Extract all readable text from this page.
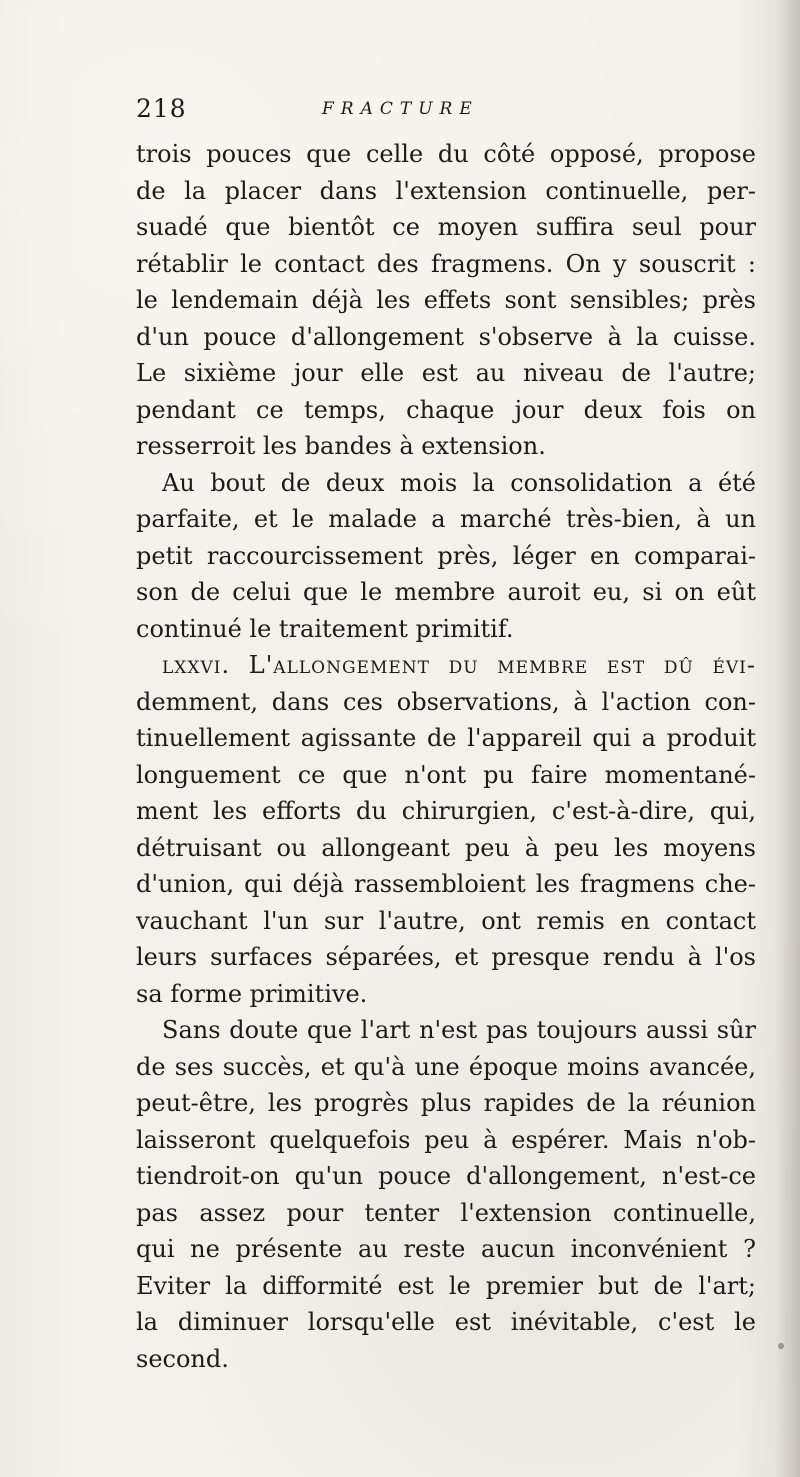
218	FRACTURE
trois pouces que celle du côté opposé, propose
de la placer dans l'extension continuelle, per-
suadé que bientôt ce moyen suffira seul pour
rétablir le contact des fragmens. On y souscrit :
le lendemain déjà les effets sont sensibles; près
d'un pouce d'allongement s'observe à la cuisse.
Le sixième jour elle est au niveau de l'autre;
pendant ce temps, chaque jour deux fois on
resserroit les bandes à extension.
Au bout de deux mois la consolidation a été
parfaite, et le malade a marché très-bien, à un
petit raccourcissement près, léger en comparai-
son de celui que le membre auroit eu, si on eût
continué le traitement primitif.
lxxvi. L'allongement du membre est dû évi-
demment, dans ces observations, à l'action con-
tinuellement agissante de l'appareil qui a produit
longuement ce que n'ont pu faire momentané-
ment les efforts du chirurgien, c'est-à-dire, qui,
détruisant ou allongeant peu à peu les moyens
d'union, qui déjà rassembloient les fragmens che-
vauchant l'un sur l'autre, ont remis en contact
leurs surfaces séparées, et presque rendu à l'os
sa forme primitive.
Sans doute que l'art n'est pas toujours aussi sûr
de ses succès, et qu'à une époque moins avancée,
peut-être, les progrès plus rapides de la réunion
laisseront quelquefois peu à espérer. Mais n'ob-
tiendroit-on qu'un pouce d'allongement, n'est-ce
pas assez pour tenter l'extension continuelle,
qui ne présente au reste aucun inconvénient ?
Eviter la difformité est le premier but de l'art;
la diminuer lorsqu'elle est inévitable, c'est le
second.
